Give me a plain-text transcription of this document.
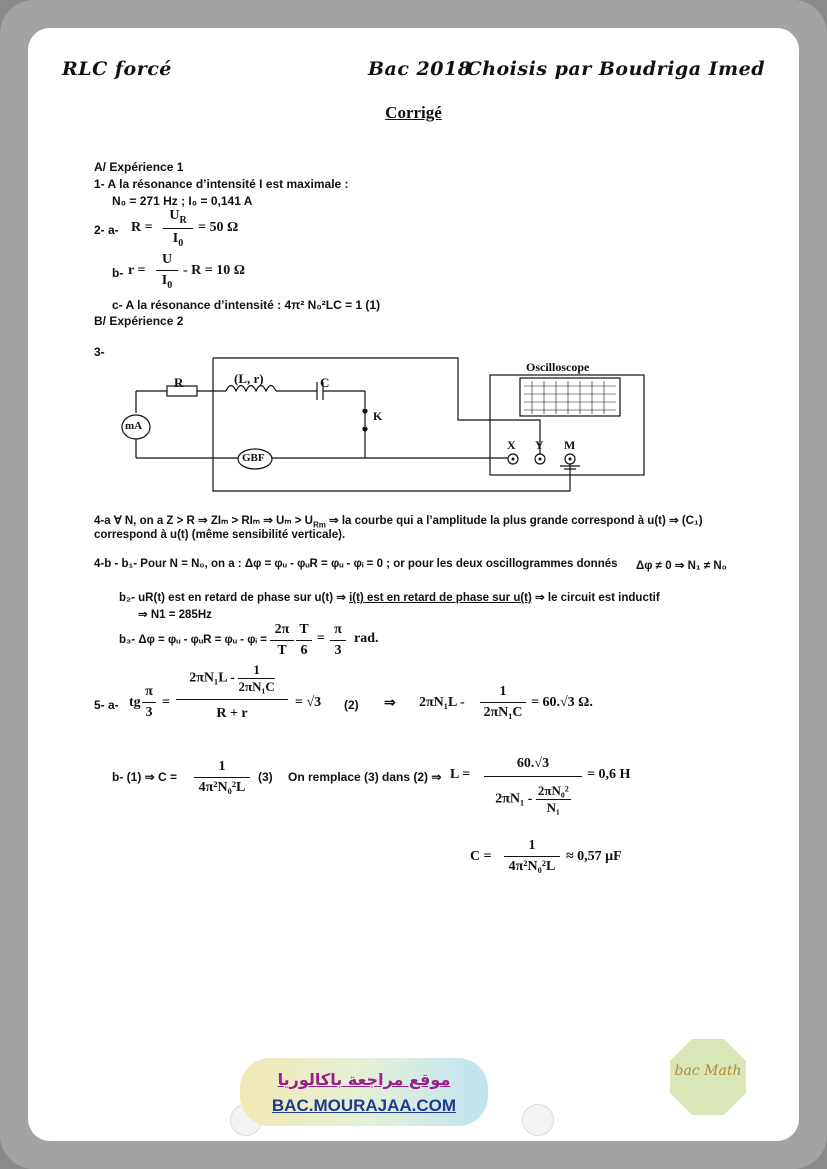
RLC forcé	Bac 2018
Choisis par Boudriga Imed
Corrigé
A/ Expérience 1
1- A la résonance d’intensité I est maximale :
N₀ = 271 Hz ; I₀ = 0,141 A
2- a- $R = \frac{U_R}{I_0} = 50$ Ω
b- $r = \frac{U}{I_0} - R = 10$ Ω
c- A la résonance d’intensité : 4π² N₀²LC = 1 (1)
B/ Expérience 2
3-
R	(L, r)	C
K
mA
GBF
Oscilloscope
X Y M
4-a ∀ N, on a Z > R ⇒ ZIₘ > RIₘ ⇒ $U_m > U_{Rm}$ ⇒ la courbe qui a l’amplitude la plus grande correspond à u(t) ⇒ (C₁)
correspond à u(t) (même sensibilité verticale).
4-b - b₁- Pour N = N₀, on a : Δφ = φᵤ - φᵤR = φᵤ - φᵢ = 0 ; or pour les deux oscillogrammes donnés Δφ ≠ 0 ⇒ N₁ ≠ N₀
b₂- uR(t) est en retard de phase sur u(t) ⇒ i(t) est en retard de phase sur u(t) ⇒ le circuit est inductif
⇒ N1 = 285Hz
b₃- Δφ = φᵤ - φᵤR = φᵤ - φᵢ = $\frac{2\pi}{T} \frac{T}{6} = \frac{\pi}{3}$ rad.
5- a- tg $\frac{\pi}{3} = \frac{2\pi N_1L - \frac{1}{\text{2πN₁C}}}{R + r} = √3$ (2) ⇒ $2\pi N_1L - \frac{1}{\text{2πN₁C}} = 60.√3$ Ω.
b- (1) ⇒ $C = \frac{1}{\text{4π²N₀²L}} (3)$ On remplace (3) dans (2) ⇒ $L = \frac{60.√3}{2\pi N_1 - \frac{\text{2πN₀²}}{\text{N₁}}} = 0,6$ H
$C = \frac{1}{\text{4π²N₀²L}} \approx 0,57$ μF
موقع مراجعة باكالوريا
BAC.MOURAJAA.COM
bac Math
